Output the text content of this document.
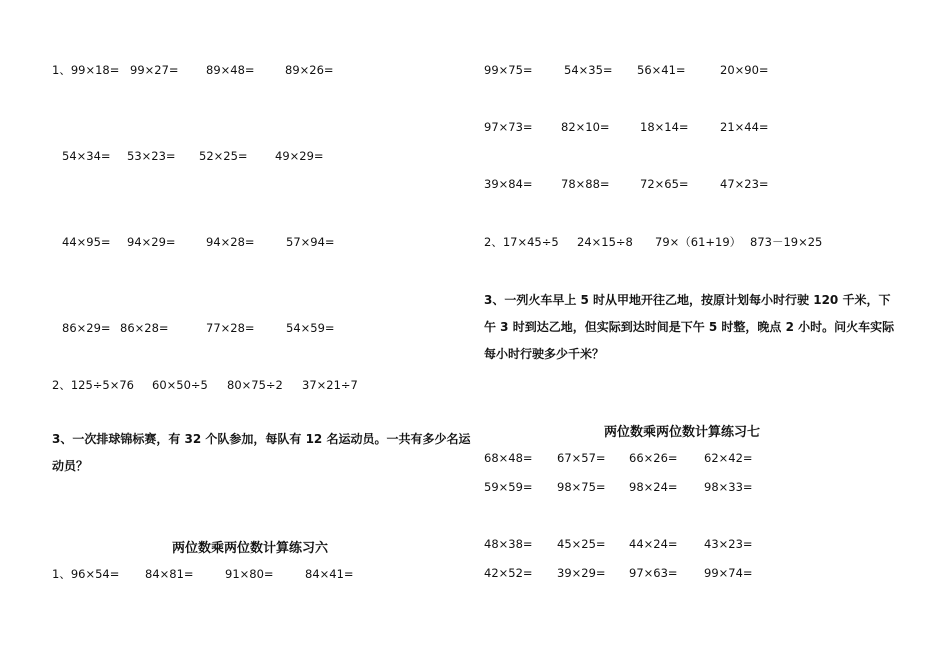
1、99×18= 99×27= 89×48=	89×26=
54×34= 53×23= 52×25= 49×29=
44×95= 94×29=	94×28=	57×94=
86×29= 86×28=	77×28=	54×59=
2、125÷5×76 60×50÷5 80×75÷2 37×21÷7
3、一次排球锦标赛，有 32 个队参加，每队有 12 名运动员。一共有多少名运
动员？
两位数乘两位数计算练习六
1、96×54= 84×81=	91×80=	84×41=
99×75=	54×35= 56×41=	20×90=
97×73= 82×10=	18×14=	21×44=
39×84= 78×88=	72×65=	47×23=
2、17×45÷5 24×15÷8 79×（61+19） 873－19×25
3、一列火车早上 5 时从甲地开往乙地，按原计划每小时行驶 120 千米，下
午 3 时到达乙地，但实际到达时间是下午 5 时整，晚点 2 小时。问火车实际
每小时行驶多少千米？
两位数乘两位数计算练习七
68×48= 67×57= 66×26= 62×42=
59×59= 98×75= 98×24= 98×33=
48×38= 45×25= 44×24= 43×23=
42×52= 39×29= 97×63= 99×74=
